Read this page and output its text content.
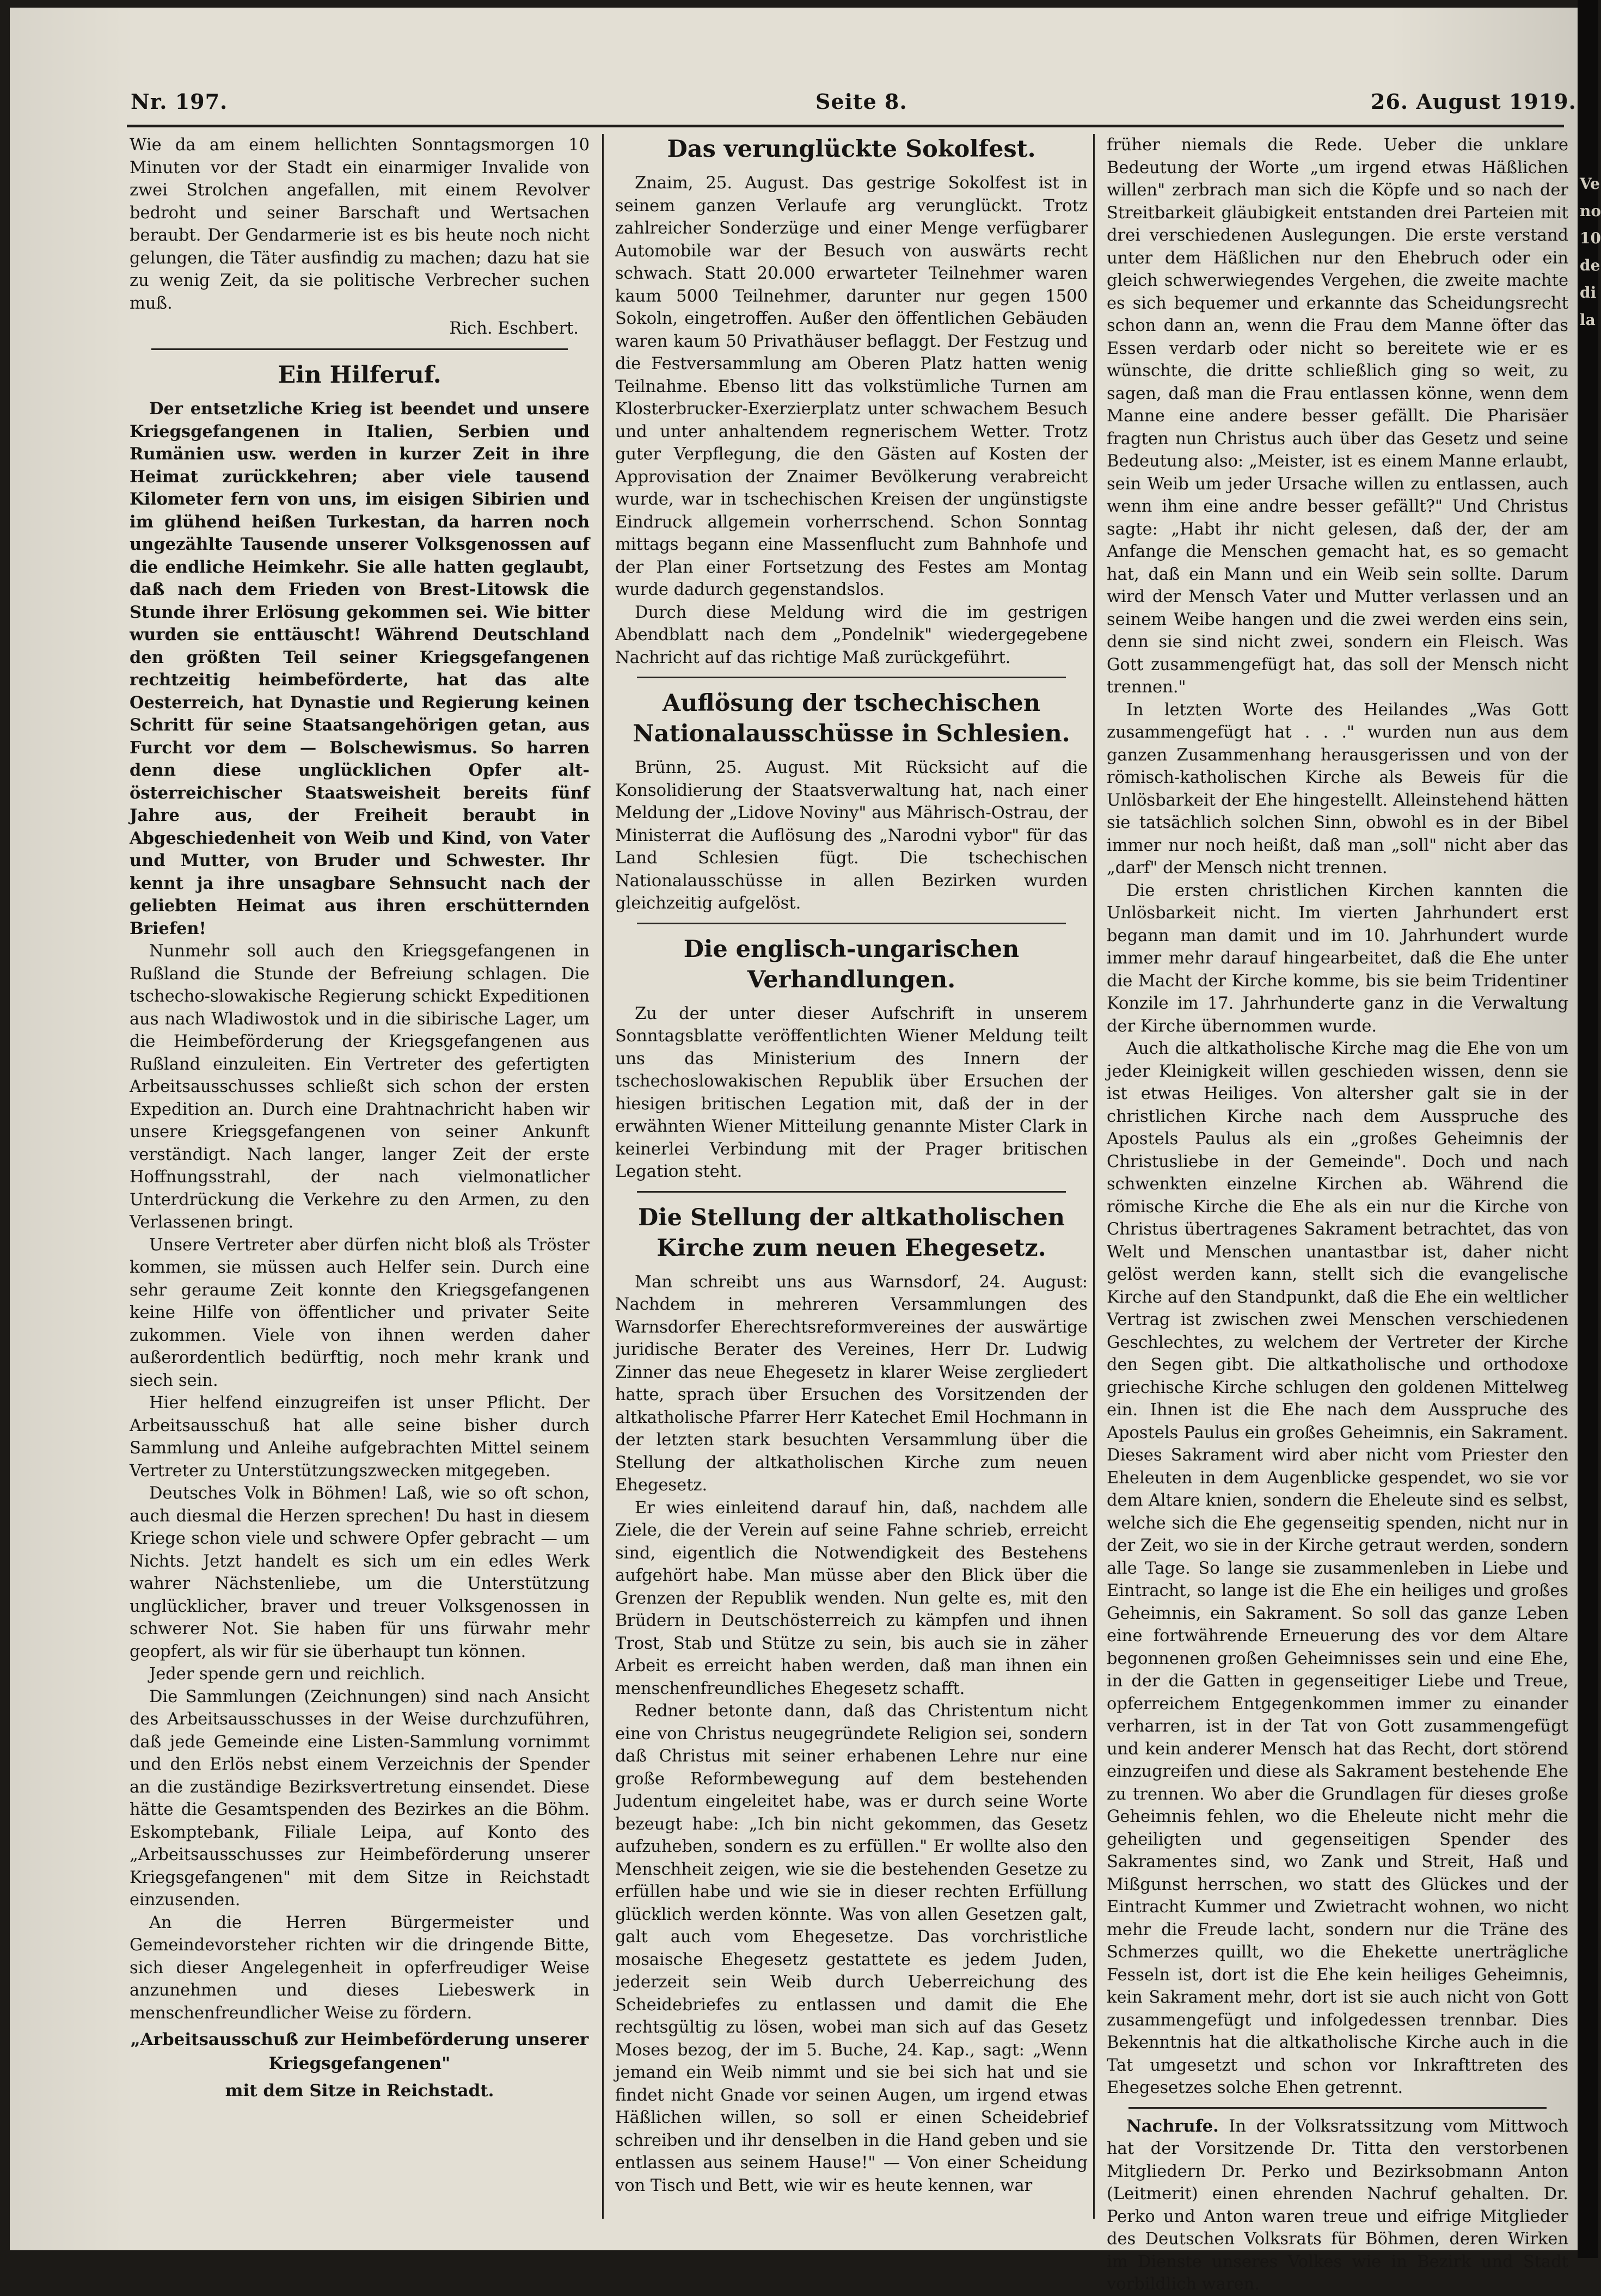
Nr. 197.	Seite 8.	26. August 1919.

Wie da am einem hellichten Sonntagsmorgen 10 Minuten vor der Stadt ein einarmiger Invalide von zwei Strolchen angefallen, mit einem Revolver bedroht und seiner Barschaft und Wertsachen beraubt. Der Gendarmerie ist es bis heute noch nicht gelungen, die Täter ausfindig zu machen; dazu hat sie zu wenig Zeit, da sie politische Verbrecher suchen muß.

Rich. Eschbert.
Ein Hilferuf.

Der entsetzliche Krieg ist beendet und unsere Kriegsgefangenen in Italien, Serbien und Rumänien usw. werden in kurzer Zeit in ihre Heimat zurückkehren; aber viele tausend Kilometer fern von uns, im eisigen Sibirien und im glühend heißen Turkestan, da harren noch ungezählte Tausende unserer Volksgenossen auf die endliche Heimkehr. Sie alle hatten geglaubt, daß nach dem Frieden von Brest-Litowsk die Stunde ihrer Erlösung gekommen sei. Wie bitter wurden sie enttäuscht! Während Deutschland den größten Teil seiner Kriegsgefangenen rechtzeitig heimbeförderte, hat das alte Oesterreich, hat Dynastie und Regierung keinen Schritt für seine Staatsangehörigen getan, aus Furcht vor dem — Bolschewismus. So harren denn diese unglücklichen Opfer alt-österreichischer Staatsweisheit bereits fünf Jahre aus, der Freiheit beraubt in Abgeschiedenheit von Weib und Kind, von Vater und Mutter, von Bruder und Schwester. Ihr kennt ja ihre unsagbare Sehnsucht nach der geliebten Heimat aus ihren erschütternden Briefen!

Nunmehr soll auch den Kriegsgefangenen in Rußland die Stunde der Befreiung schlagen. Die tschecho-slowakische Regierung schickt Expeditionen aus nach Wladiwostok und in die sibirische Lager, um die Heimbeförderung der Kriegsgefangenen aus Rußland einzuleiten. Ein Vertreter des gefertigten Arbeitsausschusses schließt sich schon der ersten Expedition an. Durch eine Drahtnachricht haben wir unsere Kriegsgefangenen von seiner Ankunft verständigt. Nach langer, langer Zeit der erste Hoffnungsstrahl, der nach vielmonatlicher Unterdrückung die Verkehre zu den Armen, zu den Verlassenen bringt.

Unsere Vertreter aber dürfen nicht bloß als Tröster kommen, sie müssen auch Helfer sein. Durch eine sehr geraume Zeit konnte den Kriegsgefangenen keine Hilfe von öffentlicher und privater Seite zukommen. Viele von ihnen werden daher außerordentlich bedürftig, noch mehr krank und siech sein.

Hier helfend einzugreifen ist unser Pflicht. Der Arbeitsausschuß hat alle seine bisher durch Sammlung und Anleihe aufgebrachten Mittel seinem Vertreter zu Unterstützungszwecken mitgegeben.

Deutsches Volk in Böhmen! Laß, wie so oft schon, auch diesmal die Herzen sprechen! Du hast in diesem Kriege schon viele und schwere Opfer gebracht — um Nichts. Jetzt handelt es sich um ein edles Werk wahrer Nächstenliebe, um die Unterstützung unglücklicher, braver und treuer Volksgenossen in schwerer Not. Sie haben für uns fürwahr mehr geopfert, als wir für sie überhaupt tun können.

Jeder spende gern und reichlich.

Die Sammlungen (Zeichnungen) sind nach Ansicht des Arbeitsausschusses in der Weise durchzuführen, daß jede Gemeinde eine Listen-Sammlung vornimmt und den Erlös nebst einem Verzeichnis der Spender an die zuständige Bezirksvertretung einsendet. Diese hätte die Gesamtspenden des Bezirkes an die Böhm. Eskomptebank, Filiale Leipa, auf Konto des „Arbeitsausschusses zur Heimbeförderung unserer Kriegsgefangenen" mit dem Sitze in Reichstadt einzusenden.

An die Herren Bürgermeister und Gemeindevorsteher richten wir die dringende Bitte, sich dieser Angelegenheit in opferfreudiger Weise anzunehmen und dieses Liebeswerk in menschenfreundlicher Weise zu fördern.

„Arbeitsausschuß zur Heimbeförderung unserer Kriegsgefangenen"
mit dem Sitze in Reichstadt.
Das verunglückte Sokolfest.

Znaim, 25. August. Das gestrige Sokolfest ist in seinem ganzen Verlaufe arg verunglückt. Trotz zahlreicher Sonderzüge und einer Menge verfügbarer Automobile war der Besuch von auswärts recht schwach. Statt 20.000 erwarteter Teilnehmer waren kaum 5000 Teilnehmer, darunter nur gegen 1500 Sokoln, eingetroffen. Außer den öffentlichen Gebäuden waren kaum 50 Privathäuser beflaggt. Der Festzug und die Festversammlung am Oberen Platz hatten wenig Teilnahme. Ebenso litt das volkstümliche Turnen am Klosterbrucker-Exerzierplatz unter schwachem Besuch und unter anhaltendem regnerischem Wetter. Trotz guter Verpflegung, die den Gästen auf Kosten der Approvisation der Znaimer Bevölkerung verabreicht wurde, war in tschechischen Kreisen der ungünstigste Eindruck allgemein vorherrschend. Schon Sonntag mittags begann eine Massenflucht zum Bahnhofe und der Plan einer Fortsetzung des Festes am Montag wurde dadurch gegenstandslos.

Durch diese Meldung wird die im gestrigen Abendblatt nach dem „Pondelnik" wiedergegebene Nachricht auf das richtige Maß zurückgeführt.

Auflösung der tschechischen Nationalausschüsse in Schlesien.

Brünn, 25. August. Mit Rücksicht auf die Konsolidierung der Staatsverwaltung hat, nach einer Meldung der „Lidove Noviny" aus Mährisch-Ostrau, der Ministerrat die Auflösung des „Narodni vybor" für das Land Schlesien fügt. Die tschechischen Nationalausschüsse in allen Bezirken wurden gleichzeitig aufgelöst.

Die englisch-ungarischen Verhandlungen.

Zu der unter dieser Aufschrift in unserem Sonntagsblatte veröffentlichten Wiener Meldung teilt uns das Ministerium des Innern der tschechoslowakischen Republik über Ersuchen der hiesigen britischen Legation mit, daß der in der erwähnten Wiener Mitteilung genannte Mister Clark in keinerlei Verbindung mit der Prager britischen Legation steht.

Die Stellung der altkatholischen Kirche zum neuen Ehegesetz.

Man schreibt uns aus Warnsdorf, 24. August: Nachdem in mehreren Versammlungen des Warnsdorfer Eherechtsreformvereines der auswärtige juridische Berater des Vereines, Herr Dr. Ludwig Zinner das neue Ehegesetz in klarer Weise zergliedert hatte, sprach über Ersuchen des Vorsitzenden der altkatholische Pfarrer Herr Katechet Emil Hochmann in der letzten stark besuchten Versammlung über die Stellung der altkatholischen Kirche zum neuen Ehegesetz.

Er wies einleitend darauf hin, daß, nachdem alle Ziele, die der Verein auf seine Fahne schrieb, erreicht sind, eigentlich die Notwendigkeit des Bestehens aufgehört habe. Man müsse aber den Blick über die Grenzen der Republik wenden. Nun gelte es, mit den Brüdern in Deutschösterreich zu kämpfen und ihnen Trost, Stab und Stütze zu sein, bis auch sie in zäher Arbeit es erreicht haben werden, daß man ihnen ein menschenfreundliches Ehegesetz schafft.

Redner betonte dann, daß das Christentum nicht eine von Christus neugegründete Religion sei, sondern daß Christus mit seiner erhabenen Lehre nur eine große Reformbewegung auf dem bestehenden Judentum eingeleitet habe, was er durch seine Worte bezeugt habe: „Ich bin nicht gekommen, das Gesetz aufzuheben, sondern es zu erfüllen." Er wollte also den Menschheit zeigen, wie sie die bestehenden Gesetze zu erfüllen habe und wie sie in dieser rechten Erfüllung glücklich werden könnte. Was von allen Gesetzen galt, galt auch vom Ehegesetze. Das vorchristliche mosaische Ehegesetz gestattete es jedem Juden, jederzeit sein Weib durch Ueberreichung des Scheidebriefes zu entlassen und damit die Ehe rechtsgültig zu lösen, wobei man sich auf das Gesetz Moses bezog, der im 5. Buche, 24. Kap., sagt: „Wenn jemand ein Weib nimmt und sie bei sich hat und sie findet nicht Gnade vor seinen Augen, um irgend etwas Häßlichen willen, so soll er einen Scheidebrief schreiben und ihr denselben in die Hand geben und sie entlassen aus seinem Hause!" — Von einer Scheidung von Tisch und Bett, wie wir es heute kennen, war

früher niemals die Rede. Ueber die unklare Bedeutung der Worte „um irgend etwas Häßlichen willen" zerbrach man sich die Köpfe und so nach der Streitbarkeit gläubigkeit entstanden drei Parteien mit drei verschiedenen Auslegungen. Die erste verstand unter dem Häßlichen nur den Ehebruch oder ein gleich schwerwiegendes Vergehen, die zweite machte es sich bequemer und erkannte das Scheidungsrecht schon dann an, wenn die Frau dem Manne öfter das Essen verdarb oder nicht so bereitete wie er es wünschte, die dritte schließlich ging so weit, zu sagen, daß man die Frau entlassen könne, wenn dem Manne eine andere besser gefällt. Die Pharisäer fragten nun Christus auch über das Gesetz und seine Bedeutung also: „Meister, ist es einem Manne erlaubt, sein Weib um jeder Ursache willen zu entlassen, auch wenn ihm eine andre besser gefällt?" Und Christus sagte: „Habt ihr nicht gelesen, daß der, der am Anfange die Menschen gemacht hat, es so gemacht hat, daß ein Mann und ein Weib sein sollte. Darum wird der Mensch Vater und Mutter verlassen und an seinem Weibe hangen und die zwei werden eins sein, denn sie sind nicht zwei, sondern ein Fleisch. Was Gott zusammengefügt hat, das soll der Mensch nicht trennen."

In letzten Worte des Heilandes „Was Gott zusammengefügt hat . . ." wurden nun aus dem ganzen Zusammenhang herausgerissen und von der römisch-katholischen Kirche als Beweis für die Unlösbarkeit der Ehe hingestellt. Alleinstehend hätten sie tatsächlich solchen Sinn, obwohl es in der Bibel immer nur noch heißt, daß man „soll" nicht aber das „darf" der Mensch nicht trennen.

Die ersten christlichen Kirchen kannten die Unlösbarkeit nicht. Im vierten Jahrhundert erst begann man damit und im 10. Jahrhundert wurde immer mehr darauf hingearbeitet, daß die Ehe unter die Macht der Kirche komme, bis sie beim Tridentiner Konzile im 17. Jahrhunderte ganz in die Verwaltung der Kirche übernommen wurde.

Auch die altkatholische Kirche mag die Ehe von um jeder Kleinigkeit willen geschieden wissen, denn sie ist etwas Heiliges. Von altersher galt sie in der christlichen Kirche nach dem Ausspruche des Apostels Paulus als ein „großes Geheimnis der Christusliebe in der Gemeinde". Doch und nach schwenkten einzelne Kirchen ab. Während die römische Kirche die Ehe als ein nur die Kirche von Christus übertragenes Sakrament betrachtet, das von Welt und Menschen unantastbar ist, daher nicht gelöst werden kann, stellt sich die evangelische Kirche auf den Standpunkt, daß die Ehe ein weltlicher Vertrag ist zwischen zwei Menschen verschiedenen Geschlechtes, zu welchem der Vertreter der Kirche den Segen gibt. Die altkatholische und orthodoxe griechische Kirche schlugen den goldenen Mittelweg ein. Ihnen ist die Ehe nach dem Ausspruche des Apostels Paulus ein großes Geheimnis, ein Sakrament. Dieses Sakrament wird aber nicht vom Priester den Eheleuten in dem Augenblicke gespendet, wo sie vor dem Altare knien, sondern die Eheleute sind es selbst, welche sich die Ehe gegenseitig spenden, nicht nur in der Zeit, wo sie in der Kirche getraut werden, sondern alle Tage. So lange sie zusammenleben in Liebe und Eintracht, so lange ist die Ehe ein heiliges und großes Geheimnis, ein Sakrament. So soll das ganze Leben eine fortwährende Erneuerung des vor dem Altare begonnenen großen Geheimnisses sein und eine Ehe, in der die Gatten in gegenseitiger Liebe und Treue, opferreichem Entgegenkommen immer zu einander verharren, ist in der Tat von Gott zusammengefügt und kein anderer Mensch hat das Recht, dort störend einzugreifen und diese als Sakrament bestehende Ehe zu trennen. Wo aber die Grundlagen für dieses große Geheimnis fehlen, wo die Eheleute nicht mehr die geheiligten und gegenseitigen Spender des Sakramentes sind, wo Zank und Streit, Haß und Mißgunst herrschen, wo statt des Glückes und der Eintracht Kummer und Zwietracht wohnen, wo nicht mehr die Freude lacht, sondern nur die Träne des Schmerzes quillt, wo die Ehekette unerträgliche Fesseln ist, dort ist die Ehe kein heiliges Geheimnis, kein Sakrament mehr, dort ist sie auch nicht von Gott zusammengefügt und infolgedessen trennbar. Dies Bekenntnis hat die altkatholische Kirche auch in die Tat umgesetzt und schon vor Inkrafttreten des Ehegesetzes solche Ehen getrennt.

Nachrufe. In der Volksratssitzung vom Mittwoch hat der Vorsitzende Dr. Titta den verstorbenen Mitgliedern Dr. Perko und Bezirksobmann Anton (Leitmerit) einen ehrenden Nachruf gehalten. Dr. Perko und Anton waren treue und eifrige Mitglieder des Deutschen Volksrats für Böhmen, deren Wirken im Dienste unseres Volkes wie in Bezirk und Stadt vorbildlich waren.

Ve
no
10
de
di
la
